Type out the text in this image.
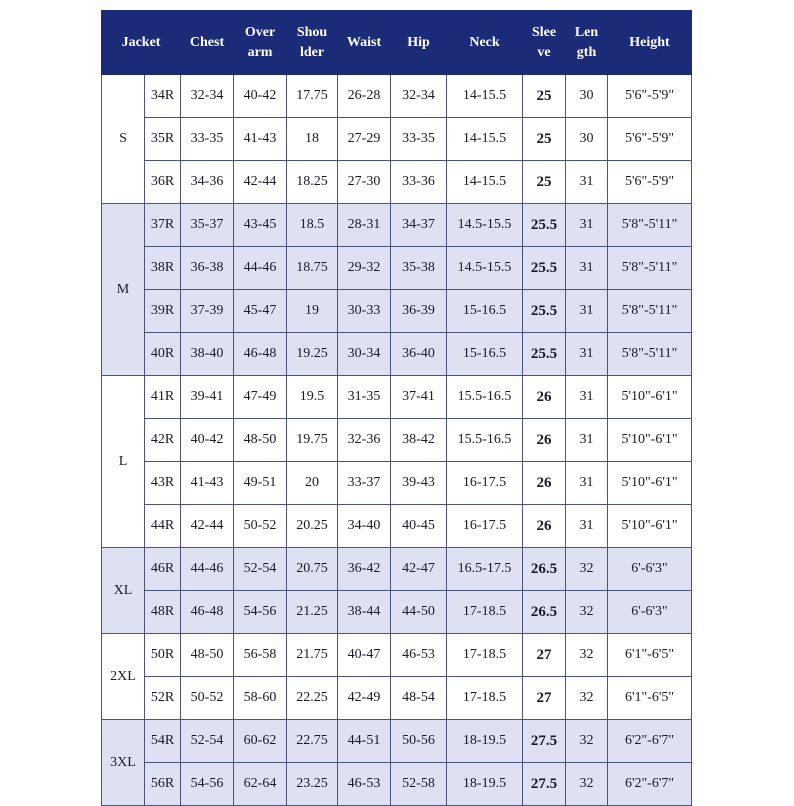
Jacket		Chest	Over arm	Shou lder	Waist	Hip	Neck	Slee ve	Len gth	Height
S	34R	32-34	40-42	17.75	26-28	32-34	14-15.5	25	30	5'6"-5'9"
	35R	33-35	41-43	18	27-29	33-35	14-15.5	25	30	5'6"-5'9"
	36R	34-36	42-44	18.25	27-30	33-36	14-15.5	25	31	5'6"-5'9"
M	37R	35-37	43-45	18.5	28-31	34-37	14.5-15.5	25.5	31	5'8"-5'11"
	38R	36-38	44-46	18.75	29-32	35-38	14.5-15.5	25.5	31	5'8"-5'11"
	39R	37-39	45-47	19	30-33	36-39	15-16.5	25.5	31	5'8"-5'11"
	40R	38-40	46-48	19.25	30-34	36-40	15-16.5	25.5	31	5'8"-5'11"
L	41R	39-41	47-49	19.5	31-35	37-41	15.5-16.5	26	31	5'10"-6'1"
	42R	40-42	48-50	19.75	32-36	38-42	15.5-16.5	26	31	5'10"-6'1"
	43R	41-43	49-51	20	33-37	39-43	16-17.5	26	31	5'10"-6'1"
	44R	42-44	50-52	20.25	34-40	40-45	16-17.5	26	31	5'10"-6'1"
XL	46R	44-46	52-54	20.75	36-42	42-47	16.5-17.5	26.5	32	6'-6'3"
	48R	46-48	54-56	21.25	38-44	44-50	17-18.5	26.5	32	6'-6'3"
2XL	50R	48-50	56-58	21.75	40-47	46-53	17-18.5	27	32	6'1"-6'5"
	52R	50-52	58-60	22.25	42-49	48-54	17-18.5	27	32	6'1"-6'5"
3XL	54R	52-54	60-62	22.75	44-51	50-56	18-19.5	27.5	32	6'2"-6'7"
	56R	54-56	62-64	23.25	46-53	52-58	18-19.5	27.5	32	6'2"-6'7"
